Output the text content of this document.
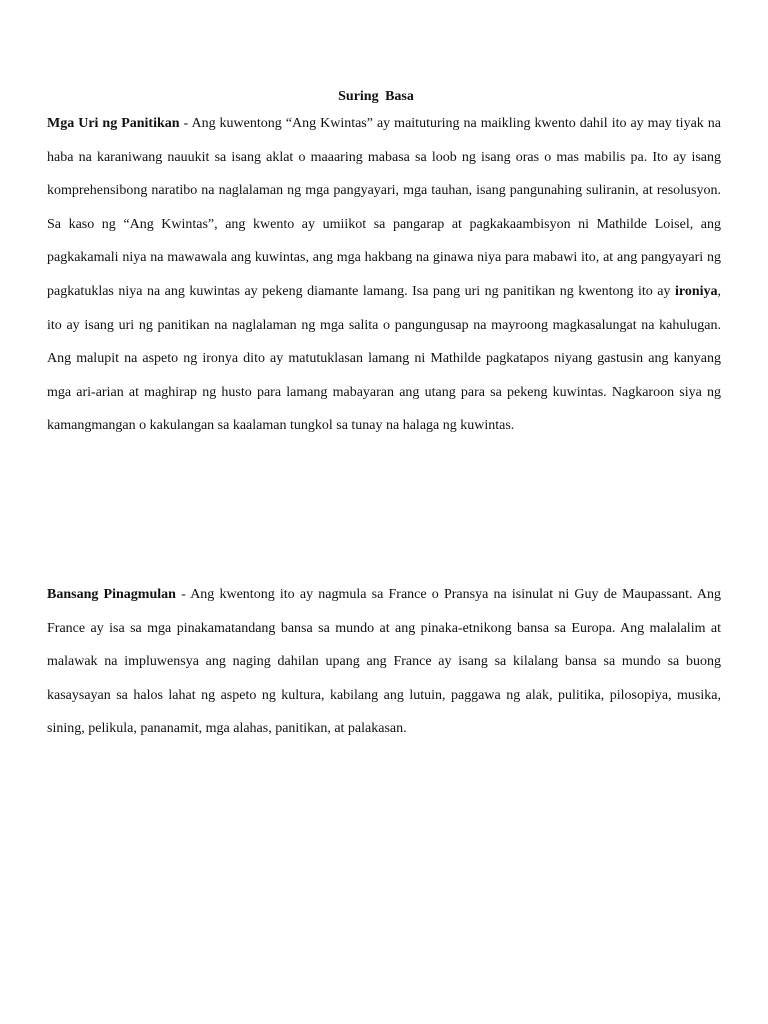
Suring Basa

Mga Uri ng Panitikan - Ang kuwentong “Ang Kwintas” ay maituturing na maikling kwento dahil ito ay may tiyak na haba na karaniwang nauukit sa isang aklat o maaaring mabasa sa loob ng isang oras o mas mabilis pa. Ito ay isang komprehensibong naratibo na naglalaman ng mga pangyayari, mga tauhan, isang pangunahing suliranin, at resolusyon. Sa kaso ng “Ang Kwintas”, ang kwento ay umiikot sa pangarap at pagkakaambisyon ni Mathilde Loisel, ang pagkakamali niya na mawawala ang kuwintas, ang mga hakbang na ginawa niya para mabawi ito, at ang pangyayari ng pagkatuklas niya na ang kuwintas ay pekeng diamante lamang. Isa pang uri ng panitikan ng kwentong ito ay ironiya, ito ay isang uri ng panitikan na naglalaman ng mga salita o pangungusap na mayroong magkasalungat na kahulugan. Ang malupit na aspeto ng ironya dito ay matutuklasan lamang ni Mathilde pagkatapos niyang gastusin ang kanyang mga ari-arian at maghirap ng husto para lamang mabayaran ang utang para sa pekeng kuwintas. Nagkaroon siya ng kamangmangan o kakulangan sa kaalaman tungkol sa tunay na halaga ng kuwintas.

Bansang Pinagmulan - Ang kwentong ito ay nagmula sa France o Pransya na isinulat ni Guy de Maupassant. Ang France ay isa sa mga pinakamatandang bansa sa mundo at ang pinaka-etnikong bansa sa Europa. Ang malalalim at malawak na impluwensya ang naging dahilan upang ang France ay isang sa kilalang bansa sa mundo sa buong kasaysayan sa halos lahat ng aspeto ng kultura, kabilang ang lutuin, paggawa ng alak, pulitika, pilosopiya, musika, sining, pelikula, pananamit, mga alahas, panitikan, at palakasan.
